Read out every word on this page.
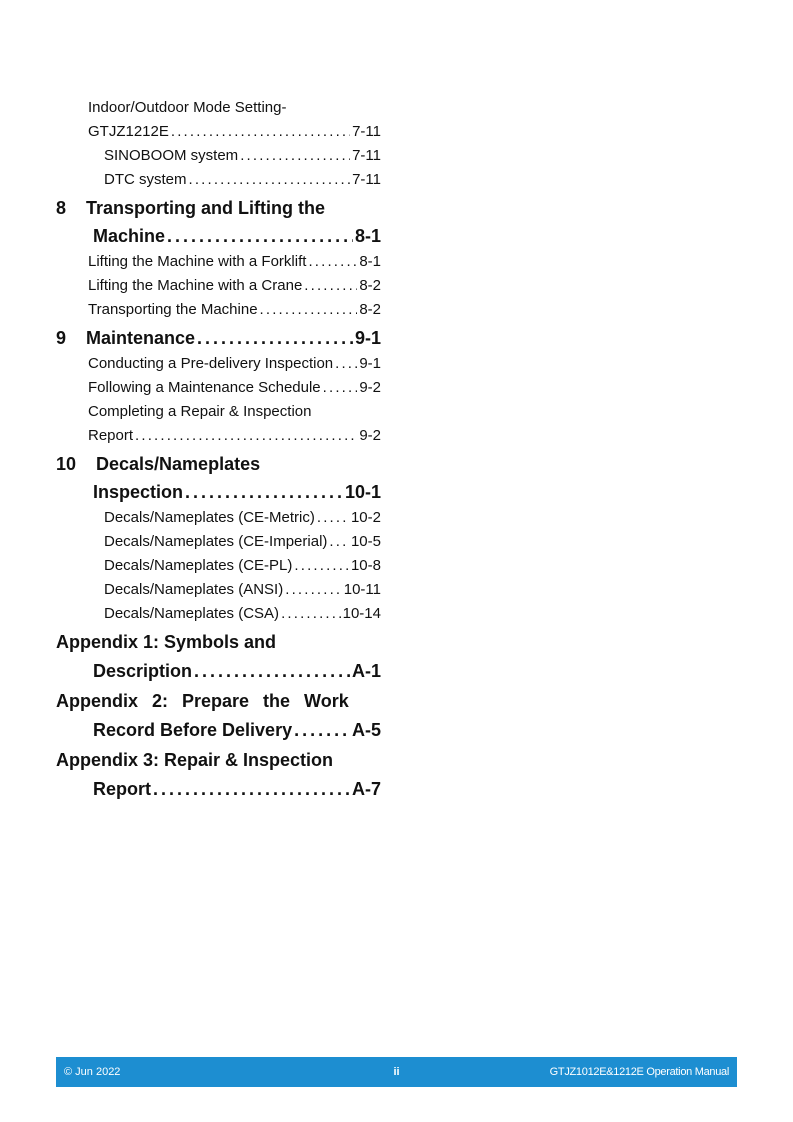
Indoor/Outdoor Mode Setting-
GTJZ1212E . . .	7-11
SINOBOOM system . . .	7-11
DTC system . . .	7-11
8 Transporting and Lifting the
Machine . . .	8-1
Lifting the Machine with a Forklift . . .	8-1
Lifting the Machine with a Crane . . .	8-2
Transporting the Machine . . .	8-2
9 Maintenance . . .	9-1
Conducting a Pre-delivery Inspection . . . 9-1
Following a Maintenance Schedule . . .	9-2
Completing a Repair & Inspection
Report . . .	9-2
10 Decals/Nameplates
Inspection . . .	10-1
Decals/Nameplates (CE-Metric) . . . 10-2
Decals/Nameplates (CE-Imperial) . . . 10-5
Decals/Nameplates (CE-PL) . . .	10-8
Decals/Nameplates (ANSI) . . .	10-11
Decals/Nameplates (CSA) . . .	10-14
Appendix 1: Symbols and
Description . . .	A-1
Appendix 2: Prepare the Work
Record Before Delivery . . .	A-5
Appendix 3: Repair & Inspection
Report . . .	A-7
© Jun 2022	ii	GTJZ1012E&1212E Operation Manual
